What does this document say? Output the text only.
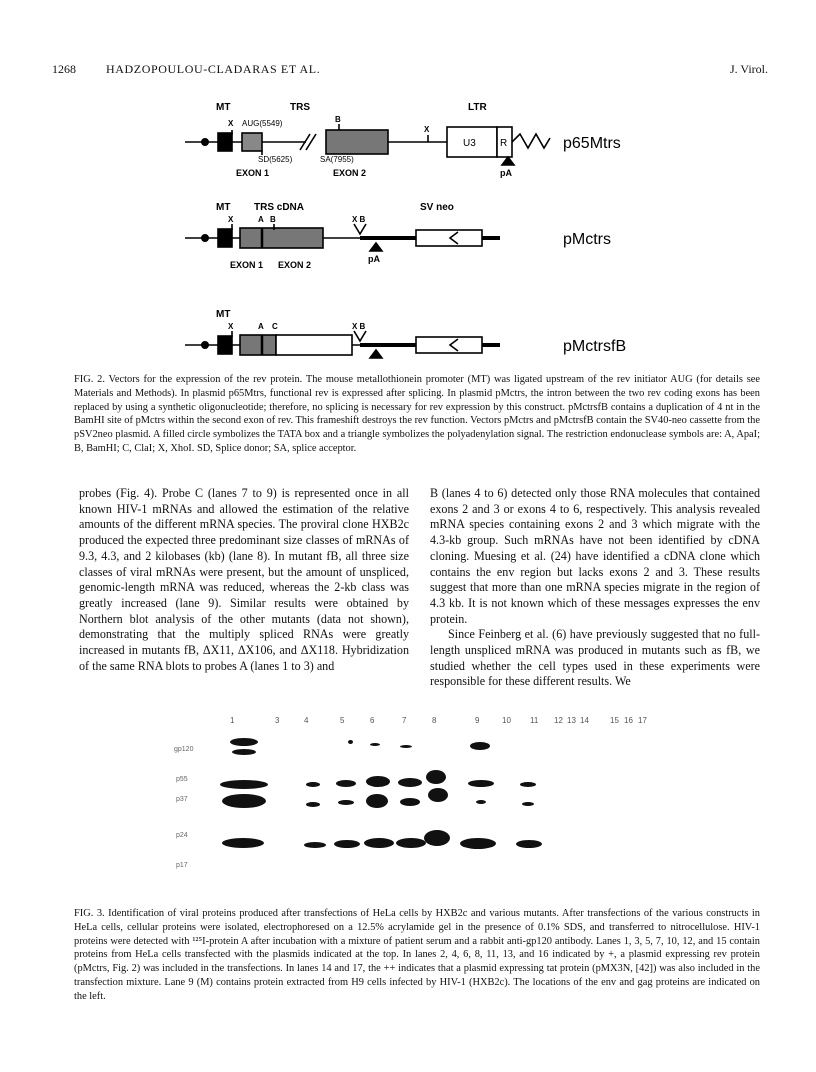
1268	HADZOPOULOU-CLADARAS ET AL.	J. Virol.
MT	TRS	LTR
X AUG(5549)	B
X
SD(5625)	SA(7955)
EXON 1	EXON 2
U3 R
pA
p65Mtrs
MT TRS cDNA	SV neo
X	A B	X B
pA
EXON 1 EXON 2
pMctrs
MT
X	A C	X B
pMctrsfB

FIG. 2. Vectors for the expression of the rev protein. The mouse metallothionein promoter (MT) was ligated upstream of the rev initiator AUG (for details see Materials and Methods). In plasmid p65Mtrs, functional rev is expressed after splicing. In plasmid pMctrs, the intron between the two rev coding exons has been replaced by using a synthetic oligonucleotide; therefore, no splicing is necessary for rev expression by this construct. pMctrsfB contains a duplication of 4 nt in the BamHI site of pMctrs within the second exon of rev. This frameshift destroys the rev function. Vectors pMctrs and pMctrsfB contain the SV40-neo cassette from the pSV2neo plasmid. A filled circle symbolizes the TATA box and a triangle symbolizes the polyadenylation signal. The restriction endonuclease symbols are: A, ApaI; B, BamHI; C, ClaI; X, XhoI. SD, Splice donor; SA, splice acceptor.

probes (Fig. 4). Probe C (lanes 7 to 9) is represented once in all known HIV-1 mRNAs and allowed the estimation of the relative amounts of the different mRNA species. The proviral clone HXB2c produced the expected three predominant size classes of mRNAs of 9.3, 4.3, and 2 kilobases (kb) (lane 8). In mutant fB, all three size classes of viral mRNAs were present, but the amount of unspliced, genomic-length mRNA was reduced, whereas the 2-kb class was greatly increased (lane 9). Similar results were obtained by Northern blot analysis of the other mutants (data not shown), demonstrating that the multiply spliced RNAs were greatly increased in mutants fB, ΔX11, ΔX106, and ΔX118. Hybridization of the same RNA blots to probes A (lanes 1 to 3) and

B (lanes 4 to 6) detected only those RNA molecules that contained exons 2 and 3 or exons 4 to 6, respectively. This analysis revealed mRNA species containing exons 2 and 3 which migrate with the 4.3-kb group. Such mRNAs have not been identified by cDNA cloning. Muesing et al. (24) have identified a cDNA clone which contains the env region but lacks exons 2 and 3. These results suggest that more than one mRNA species migrate in the region of 4.3 kb. It is not known which of these messages expresses the env protein.

Since Feinberg et al. (6) have previously suggested that no full-length unspliced mRNA was produced in mutants such as fB, we studied whether the cell types used in these experiments were responsible for these different results. We

1	3	4	5	6	7	8	9	10 11 12 13 14	15 16 17
gp120
p55
p37
p24
p17

FIG. 3. Identification of viral proteins produced after transfections of HeLa cells by HXB2c and various mutants. After transfections of the various constructs in HeLa cells, cellular proteins were isolated, electrophoresed on a 12.5% acrylamide gel in the presence of 0.1% SDS, and transferred to nitrocellulose. HIV-1 proteins were detected with ¹²⁵I-protein A after incubation with a mixture of patient serum and a rabbit anti-gp120 antibody. Lanes 1, 3, 5, 7, 10, 12, and 15 contain proteins from HeLa cells transfected with the plasmids indicated at the top. In lanes 2, 4, 6, 8, 11, 13, and 16 indicated by +, a plasmid expressing rev protein (pMctrs, Fig. 2) was included in the transfections. In lanes 14 and 17, the ++ indicates that a plasmid expressing tat protein (pMX3N, [42]) was also included in the transfection mixture. Lane 9 (M) contains protein extracted from H9 cells infected by HIV-1 (HXB2c). The locations of the env and gag proteins are indicated on the left.
